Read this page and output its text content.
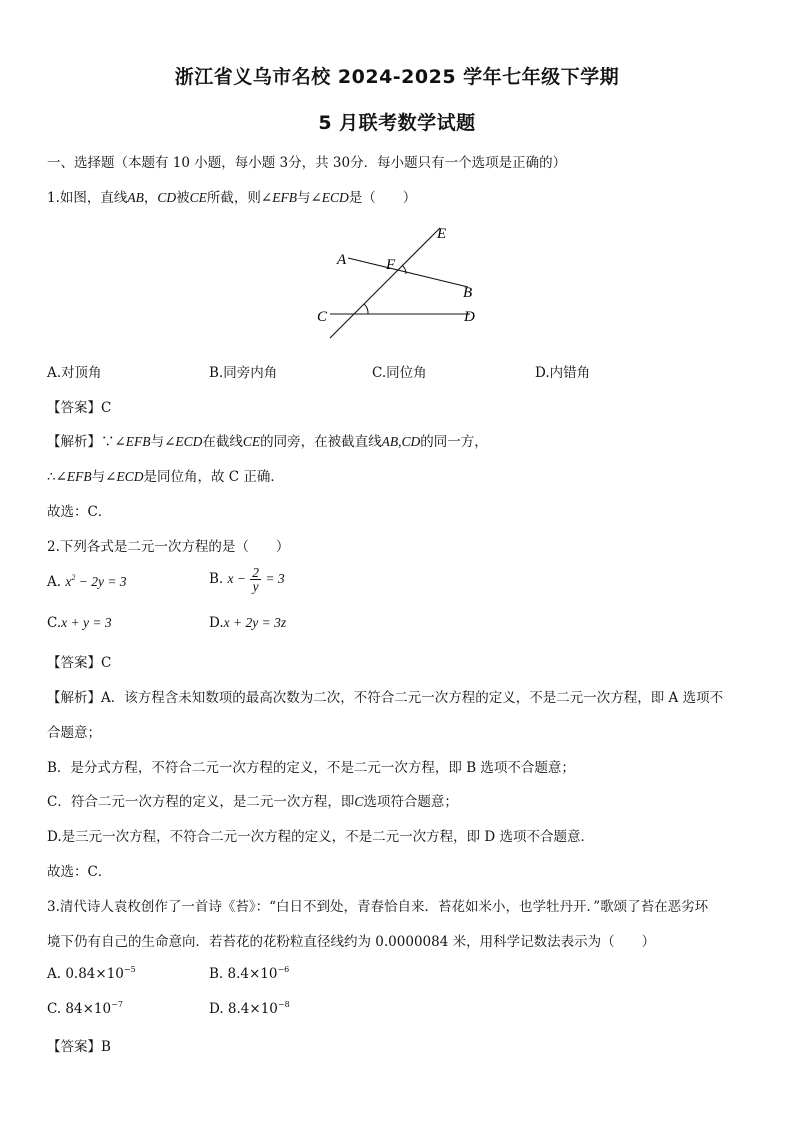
浙江省义乌市名校 2024-2025 学年七年级下学期
5 月联考数学试题
一、选择题（本题有 10 小题，每小题 3分，共 30分．每小题只有一个选项是正确的）
1.如图，直线AB，CD被CE所截，则∠EFB与∠ECD是（　　）
E
A	F
B
C	D
A.对顶角	B.同旁内角	C.同位角	D.内错角
【答案】C
【解析】∵∠EFB与∠ECD在截线CE的同旁，在被截直线AB,CD的同一方，
∴∠EFB与∠ECD是同位角，故 C 正确．
故选：C．
2.下列各式是二元一次方程的是（　　）
A. $x^2 - 2y = 3$	B. $x - \frac{2}{y} = 3$
C.x + y = 3	D.x + 2y = 3z
【答案】C
【解析】A．该方程含未知数项的最高次数为二次，不符合二元一次方程的定义，不是二元一次方程，即 A 选项不
合题意；
B．是分式方程，不符合二元一次方程的定义，不是二元一次方程，即 B 选项不合题意；
C．符合二元一次方程的定义，是二元一次方程，即C选项符合题意；
D.是三元一次方程，不符合二元一次方程的定义，不是二元一次方程，即 D 选项不合题意．
故选：C．
3.清代诗人袁枚创作了一首诗《苔》：“白日不到处，青春恰自来．苔花如米小，也学牡丹开．”歌颂了苔在恶劣环
境下仍有自己的生命意向．若苔花的花粉粒直径线约为 0.0000084 米，用科学记数法表示为（　　）
A. $0.84\times 10^{-5}$	B. $8.4\times 10^{-6}$
C. $84\times 10^{-7}$	D. $8.4\times 10^{-8}$
【答案】B
